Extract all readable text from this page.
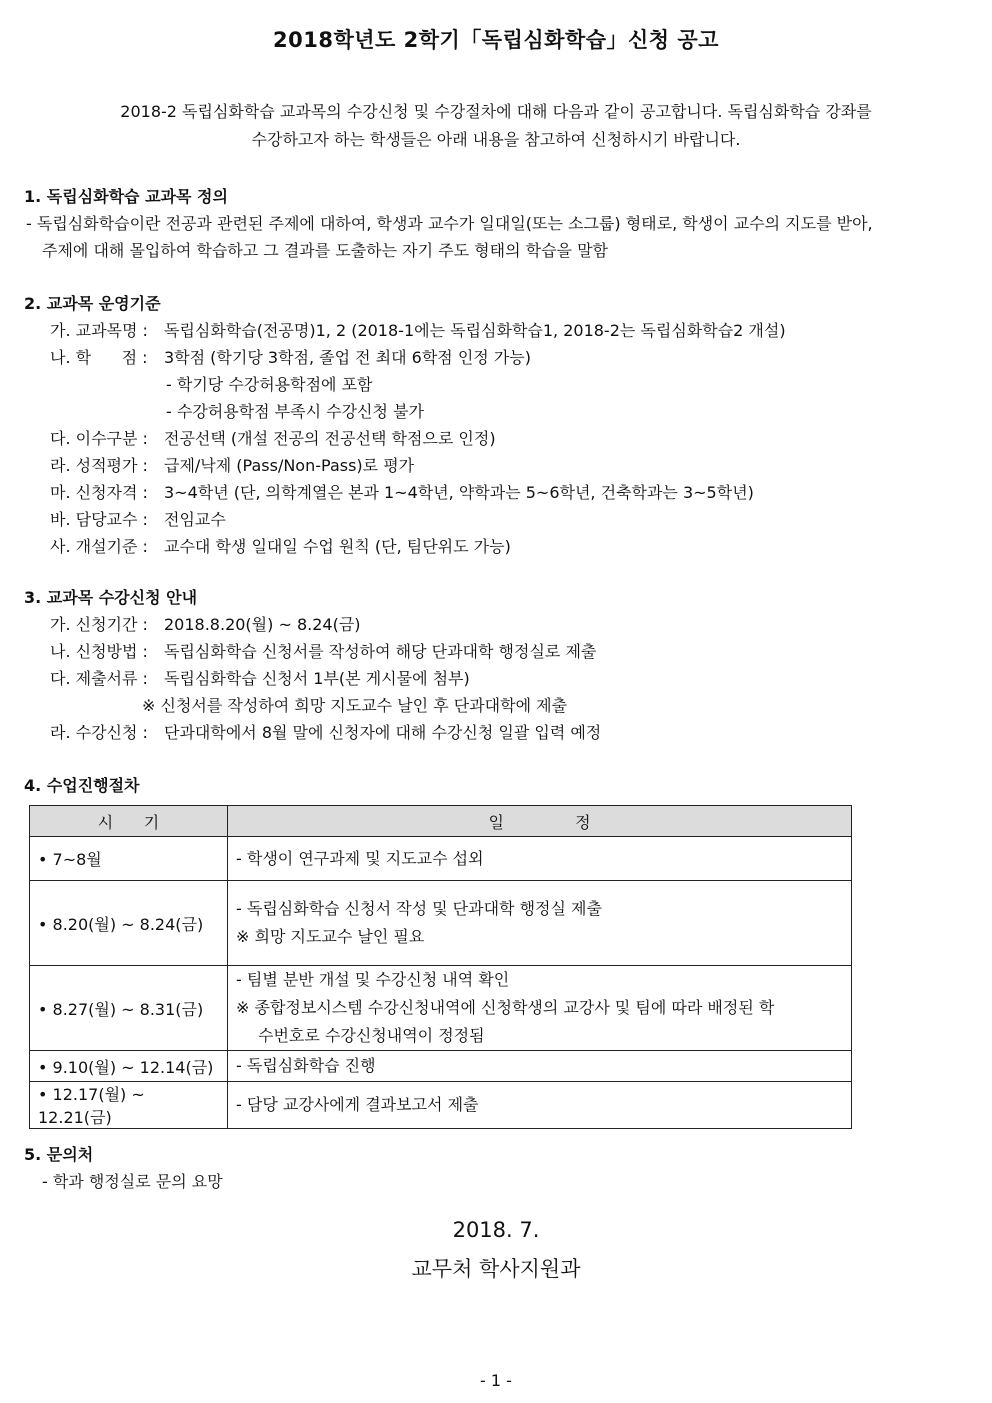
2018학년도 2학기「독립심화학습」신청 공고
2018-2 독립심화학습 교과목의 수강신청 및 수강절차에 대해 다음과 같이 공고합니다. 독립심화학습 강좌를
수강하고자 하는 학생들은 아래 내용을 참고하여 신청하시기 바랍니다.
1. 독립심화학습 교과목 정의
- 독립심화학습이란 전공과 관련된 주제에 대하여, 학생과 교수가 일대일(또는 소그룹) 형태로, 학생이 교수의 지도를 받아,
주제에 대해 몰입하여 학습하고 그 결과를 도출하는 자기 주도 형태의 학습을 말함
2. 교과목 운영기준
가. 교과목명 : 독립심화학습(전공명)1, 2 (2018-1에는 독립심화학습1, 2018-2는 독립심화학습2 개설)
나. 학      점 : 3학점 (학기당 3학점, 졸업 전 최대 6학점 인정 가능)
- 학기당 수강허용학점에 포함
- 수강허용학점 부족시 수강신청 불가
다. 이수구분 : 전공선택 (개설 전공의 전공선택 학점으로 인정)
라. 성적평가 : 급제/낙제 (Pass/Non-Pass)로 평가
마. 신청자격 : 3~4학년 (단, 의학계열은 본과 1~4학년, 약학과는 5~6학년, 건축학과는 3~5학년)
바. 담당교수 : 전임교수
사. 개설기준 : 교수대 학생 일대일 수업 원칙 (단, 팀단위도 가능)
3. 교과목 수강신청 안내
가. 신청기간 : 2018.8.20(월) ~ 8.24(금)
나. 신청방법 : 독립심화학습 신청서를 작성하여 해당 단과대학 행정실로 제출
다. 제출서류 : 독립심화학습 신청서 1부(본 게시물에 첨부)
※ 신청서를 작성하여 희망 지도교수 날인 후 단과대학에 제출
라. 수강신청 : 단과대학에서 8월 말에 신청자에 대해 수강신청 일괄 입력 예정
4. 수업진행절차
시      기	일              정
• 7~8월	- 학생이 연구과제 및 지도교수 섭외

• 8.20(월) ~ 8.24(금)	- 독립심화학습 신청서 작성 및 단과대학 행정실 제출
※ 희망 지도교수 날인 필요

• 8.27(월) ~ 8.31(금)	- 팀별 분반 개설 및 수강신청 내역 확인
※ 종합정보시스템 수강신청내역에 신청학생의 교강사 및 팀에 따라 배정된 학
수번호로 수강신청내역이 정정됨

• 9.10(월) ~ 12.14(금)	- 독립심화학습 진행

• 12.17(월) ~ 12.21(금)	- 담당 교강사에게 결과보고서 제출
5. 문의처
- 학과 행정실로 문의 요망
2018. 7.
교무처 학사지원과
- 1 -
